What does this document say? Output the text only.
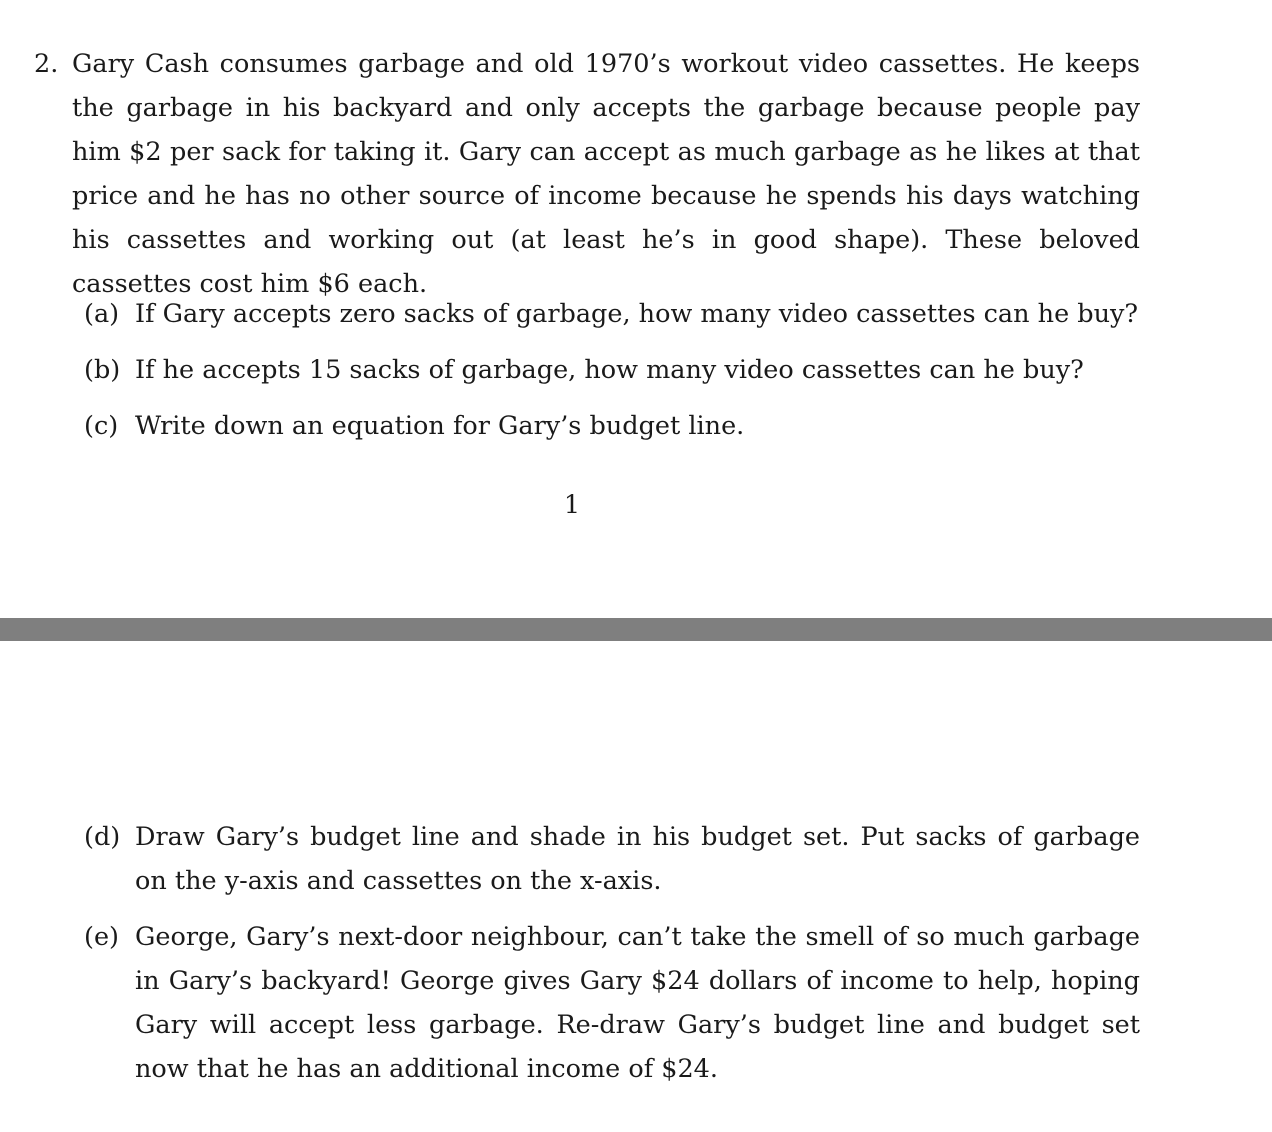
2. Gary Cash consumes garbage and old 1970’s workout video cassettes. He keeps the garbage in his backyard and only accepts the garbage because people pay him $2 per sack for taking it. Gary can accept as much garbage as he likes at that price and he has no other source of income because he spends his days watching his cassettes and working out (at least he’s in good shape). These beloved cassettes cost him $6 each.
(a) If Gary accepts zero sacks of garbage, how many video cassettes can he buy?
(b) If he accepts 15 sacks of garbage, how many video cassettes can he buy?
(c) Write down an equation for Gary’s budget line.
1
(d) Draw Gary’s budget line and shade in his budget set. Put sacks of garbage on the y-axis and cassettes on the x-axis.
(e) George, Gary’s next-door neighbour, can’t take the smell of so much garbage in Gary’s backyard! George gives Gary $24 dollars of income to help, hoping Gary will accept less garbage. Re-draw Gary’s budget line and budget set now that he has an additional income of $24.
